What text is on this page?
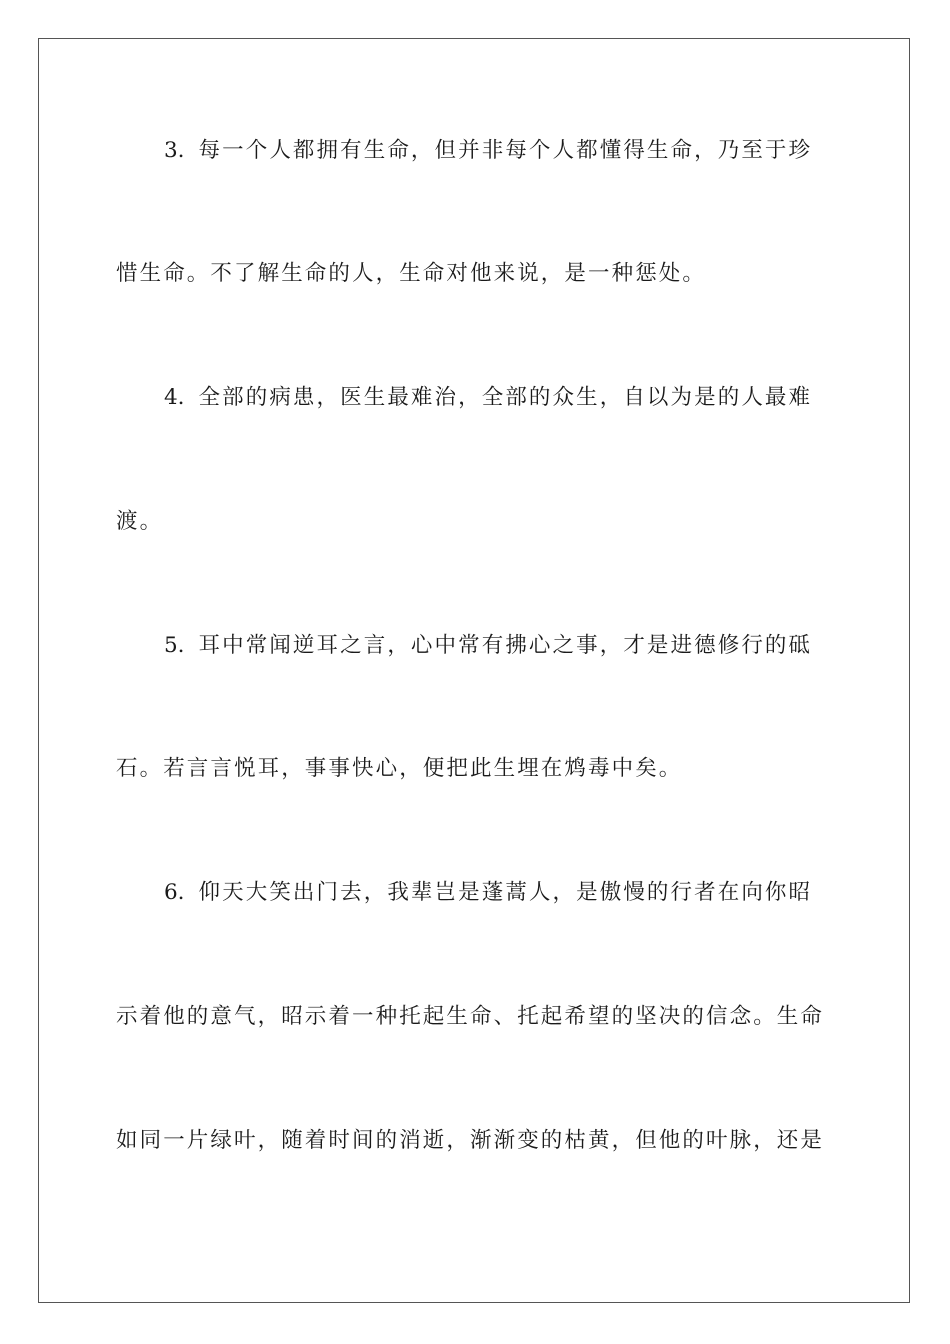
3. 每一个人都拥有生命，但并非每个人都懂得生命，乃至于珍
惜生命。不了解生命的人，生命对他来说，是一种惩处。
4. 全部的病患，医生最难治，全部的众生，自以为是的人最难
渡。
5. 耳中常闻逆耳之言，心中常有拂心之事，才是进德修行的砥
石。若言言悦耳，事事快心，便把此生埋在鸩毒中矣。
6. 仰天大笑出门去，我辈岂是蓬蒿人，是傲慢的行者在向你昭
示着他的意气，昭示着一种托起生命、托起希望的坚决的信念。生命
如同一片绿叶，随着时间的消逝，渐渐变的枯黄，但他的叶脉，还是
